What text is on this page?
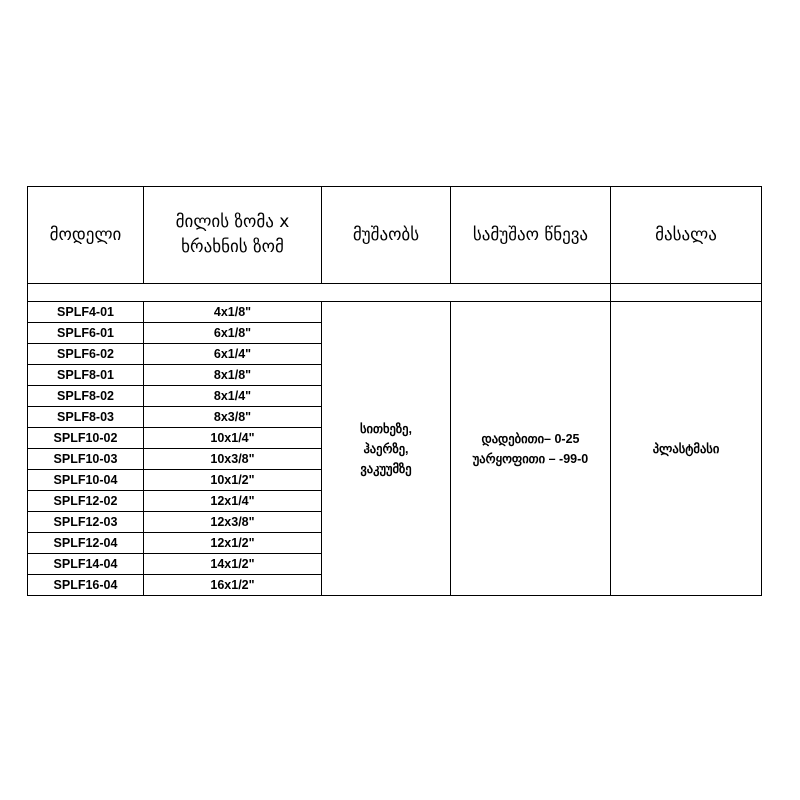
მოდელი	მილის ზომა x
ხრახნის ზომ	მუშაობს	სამუშაო წნევა	მასალა

SPLF4-01	4x1/8"	სითხეზე,
ჰაერზე,
ვაკუუმზე	დადებითი– 0-25
უარყოფითი – -99-0	პლასტმასი
SPLF6-01	6x1/8"			
SPLF6-02	6x1/4"			
SPLF8-01	8x1/8"			
SPLF8-02	8x1/4"			
SPLF8-03	8x3/8"			
SPLF10-02	10x1/4"			
SPLF10-03	10x3/8"			
SPLF10-04	10x1/2"			
SPLF12-02	12x1/4"			
SPLF12-03	12x3/8"			
SPLF12-04	12x1/2"			
SPLF14-04	14x1/2"			
SPLF16-04	16x1/2"			
